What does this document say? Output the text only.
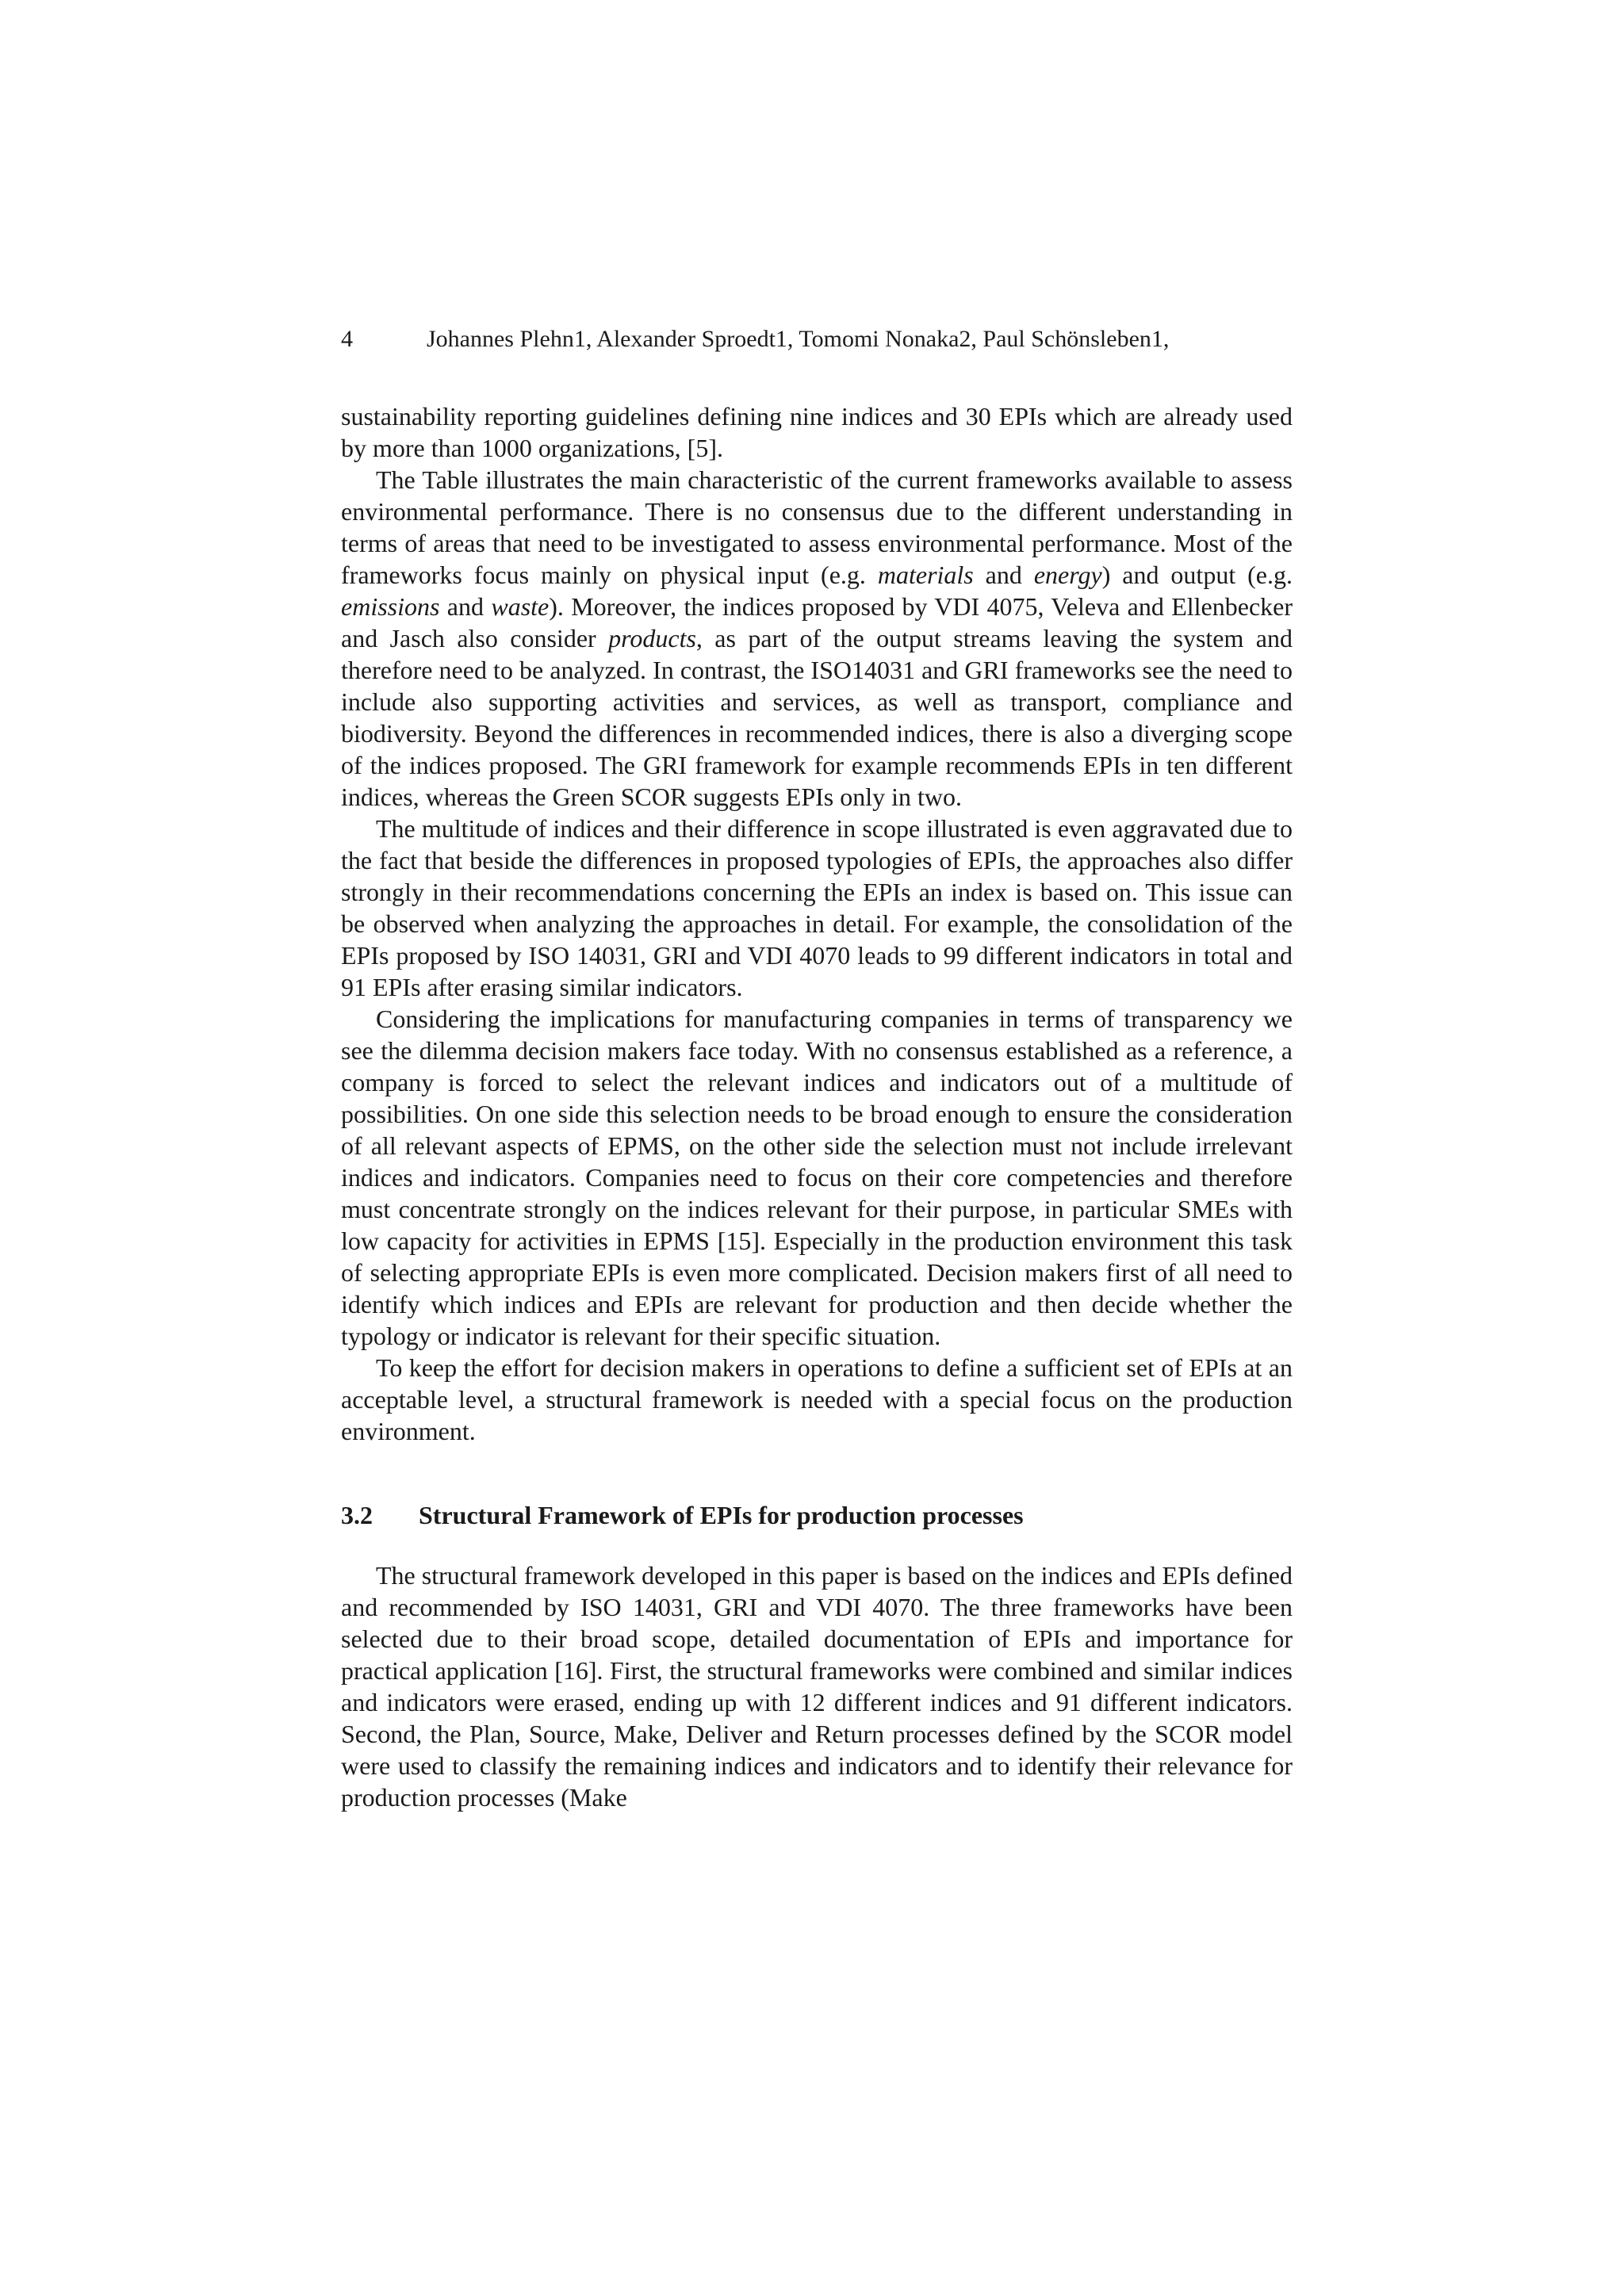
4	Johannes Plehn1, Alexander Sproedt1, Tomomi Nonaka2, Paul Schönsleben1,

sustainability reporting guidelines defining nine indices and 30 EPIs which are already used by more than 1000 organizations, [5].

The Table illustrates the main characteristic of the current frameworks available to assess environmental performance. There is no consensus due to the different understanding in terms of areas that need to be investigated to assess environmental performance. Most of the frameworks focus mainly on physical input (e.g. materials and energy) and output (e.g. emissions and waste). Moreover, the indices proposed by VDI 4075, Veleva and Ellenbecker and Jasch also consider products, as part of the output streams leaving the system and therefore need to be analyzed. In contrast, the ISO14031 and GRI frameworks see the need to include also supporting activities and services, as well as transport, compliance and biodiversity. Beyond the differences in recommended indices, there is also a diverging scope of the indices proposed. The GRI framework for example recommends EPIs in ten different indices, whereas the Green SCOR suggests EPIs only in two.

The multitude of indices and their difference in scope illustrated is even aggravated due to the fact that beside the differences in proposed typologies of EPIs, the approaches also differ strongly in their recommendations concerning the EPIs an index is based on. This issue can be observed when analyzing the approaches in detail. For example, the consolidation of the EPIs proposed by ISO 14031, GRI and VDI 4070 leads to 99 different indicators in total and 91 EPIs after erasing similar indicators.

Considering the implications for manufacturing companies in terms of transparency we see the dilemma decision makers face today. With no consensus established as a reference, a company is forced to select the relevant indices and indicators out of a multitude of possibilities. On one side this selection needs to be broad enough to ensure the consideration of all relevant aspects of EPMS, on the other side the selection must not include irrelevant indices and indicators. Companies need to focus on their core competencies and therefore must concentrate strongly on the indices relevant for their purpose, in particular SMEs with low capacity for activities in EPMS [15]. Especially in the production environment this task of selecting appropriate EPIs is even more complicated. Decision makers first of all need to identify which indices and EPIs are relevant for production and then decide whether the typology or indicator is relevant for their specific situation.

To keep the effort for decision makers in operations to define a sufficient set of EPIs at an acceptable level, a structural framework is needed with a special focus on the production environment.

3.2 Structural Framework of EPIs for production processes

The structural framework developed in this paper is based on the indices and EPIs defined and recommended by ISO 14031, GRI and VDI 4070. The three frameworks have been selected due to their broad scope, detailed documentation of EPIs and importance for practical application [16]. First, the structural frameworks were combined and similar indices and indicators were erased, ending up with 12 different indices and 91 different indicators. Second, the Plan, Source, Make, Deliver and Return processes defined by the SCOR model were used to classify the remaining indices and indicators and to identify their relevance for production processes (Make
